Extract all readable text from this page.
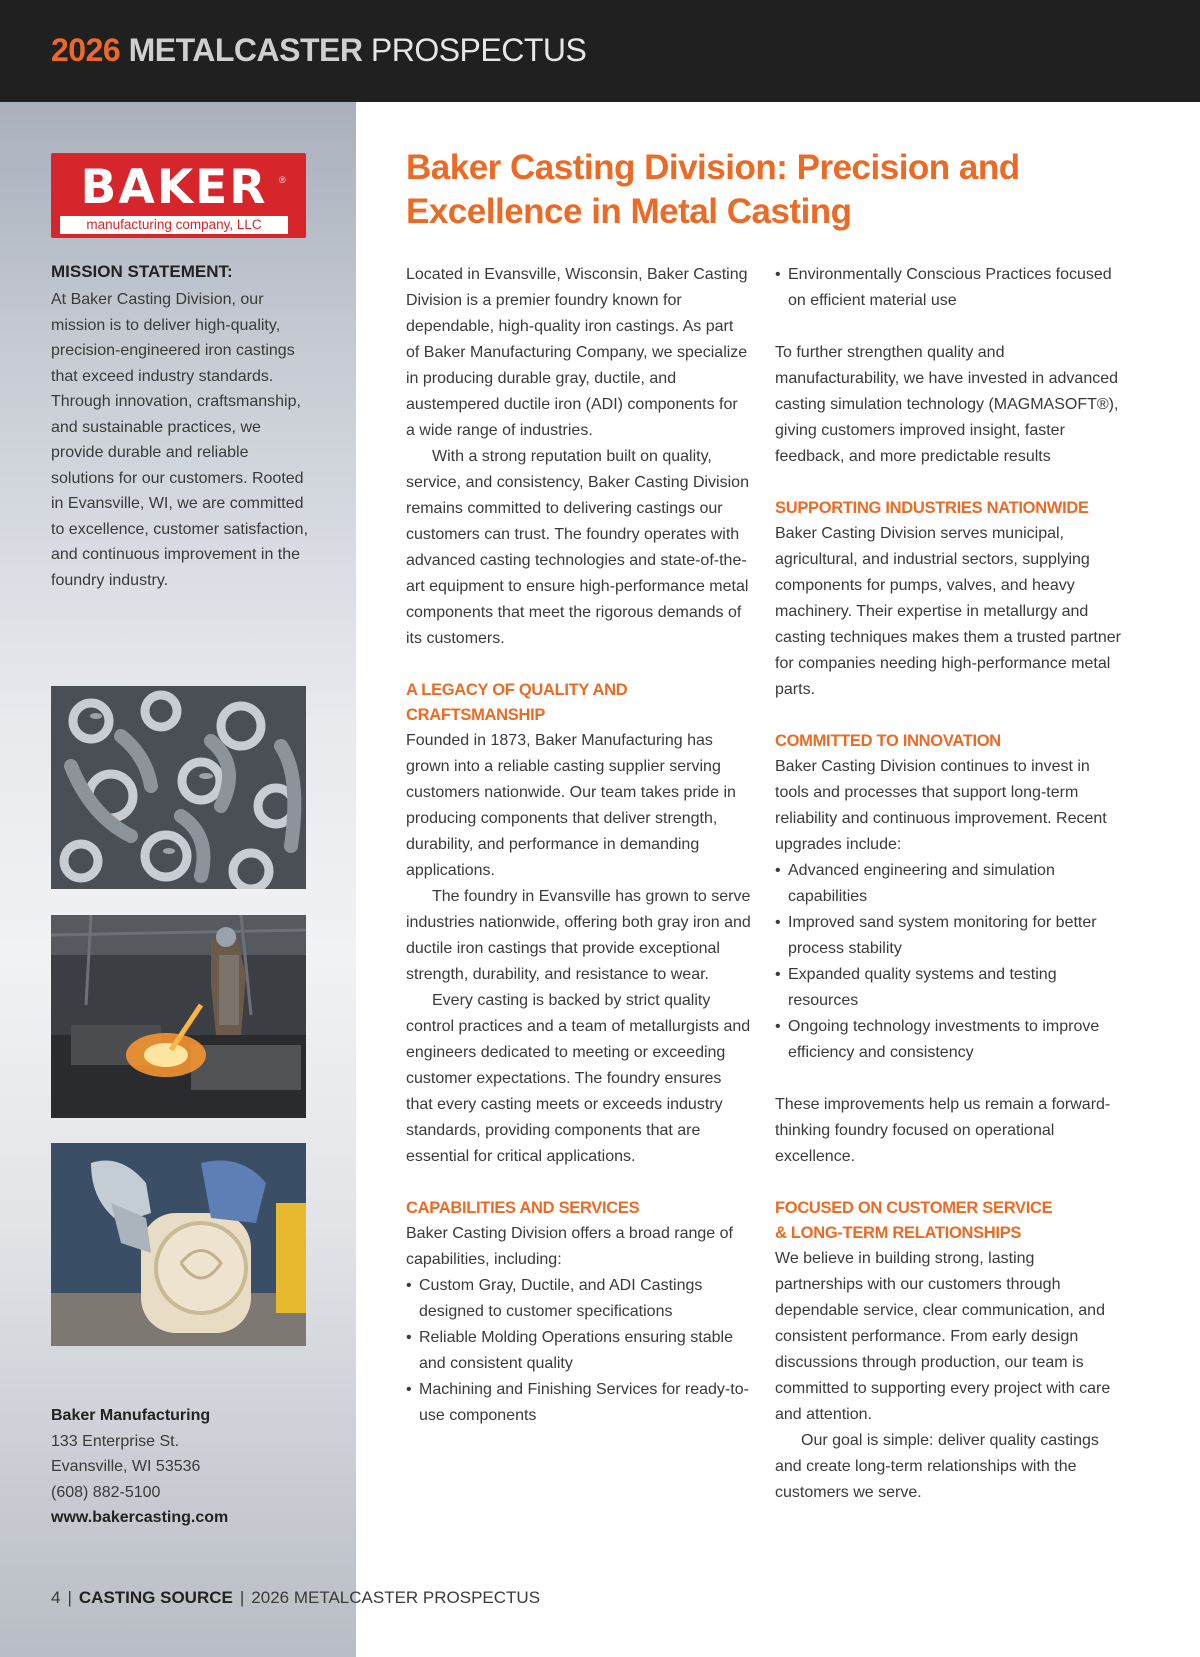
2026 METALCASTER PROSPECTUS
BAKER	®
manufacturing company, LLC
MISSION STATEMENT:
At Baker Casting Division, our mission is to deliver high-quality, precision-engineered iron castings that exceed industry standards. Through innovation, craftsmanship, and sustainable practices, we provide durable and reliable solutions for our customers. Rooted in Evansville, WI, we are committed to excellence, customer satisfaction, and continuous improvement in the foundry industry.
Baker Manufacturing
133 Enterprise St.
Evansville, WI 53536
(608) 882-5100
www.bakercasting.com
Baker Casting Division: Precision and Excellence in Metal Casting

Located in Evansville, Wisconsin, Baker Casting Division is a premier foundry known for dependable, high-quality iron castings. As part of Baker Manufacturing Company, we specialize in producing durable gray, ductile, and austempered ductile iron (ADI) components for a wide range of industries.

With a strong reputation built on quality, service, and consistency, Baker Casting Division remains committed to delivering castings our customers can trust. The foundry operates with advanced casting technologies and state-of-the-art equipment to ensure high-performance metal components that meet the rigorous demands of its customers.

A LEGACY OF QUALITY AND CRAFTSMANSHIP

Founded in 1873, Baker Manufacturing has grown into a reliable casting supplier serving customers nationwide. Our team takes pride in producing components that deliver strength, durability, and performance in demanding applications.

The foundry in Evansville has grown to serve industries nationwide, offering both gray iron and ductile iron castings that provide exceptional strength, durability, and resistance to wear.

Every casting is backed by strict quality control practices and a team of metallurgists and engineers dedicated to meeting or exceeding customer expectations. The foundry ensures that every casting meets or exceeds industry standards, providing components that are essential for critical applications.

CAPABILITIES AND SERVICES

Baker Casting Division offers a broad range of capabilities, including:

• Custom Gray, Ductile, and ADI Castings designed to customer specifications
• Reliable Molding Operations ensuring stable and consistent quality
• Machining and Finishing Services for ready-to-use components
• Environmentally Conscious Practices focused on efficient material use

To further strengthen quality and manufacturability, we have invested in advanced casting simulation technology (MAGMASOFT®), giving customers improved insight, faster feedback, and more predictable results

SUPPORTING INDUSTRIES NATIONWIDE

Baker Casting Division serves municipal, agricultural, and industrial sectors, supplying components for pumps, valves, and heavy machinery. Their expertise in metallurgy and casting techniques makes them a trusted partner for companies needing high-performance metal parts.

COMMITTED TO INNOVATION

Baker Casting Division continues to invest in tools and processes that support long-term reliability and continuous improvement. Recent upgrades include:

• Advanced engineering and simulation capabilities
• Improved sand system monitoring for better process stability
• Expanded quality systems and testing resources
• Ongoing technology investments to improve efficiency and consistency

These improvements help us remain a forward-thinking foundry focused on operational excellence.

FOCUSED ON CUSTOMER SERVICE
& LONG-TERM RELATIONSHIPS

We believe in building strong, lasting partnerships with our customers through dependable service, clear communication, and consistent performance. From early design discussions through production, our team is committed to supporting every project with care and attention.

Our goal is simple: deliver quality castings and create long-term relationships with the customers we serve.

4 | CASTING SOURCE | 2026 METALCASTER PROSPECTUS
